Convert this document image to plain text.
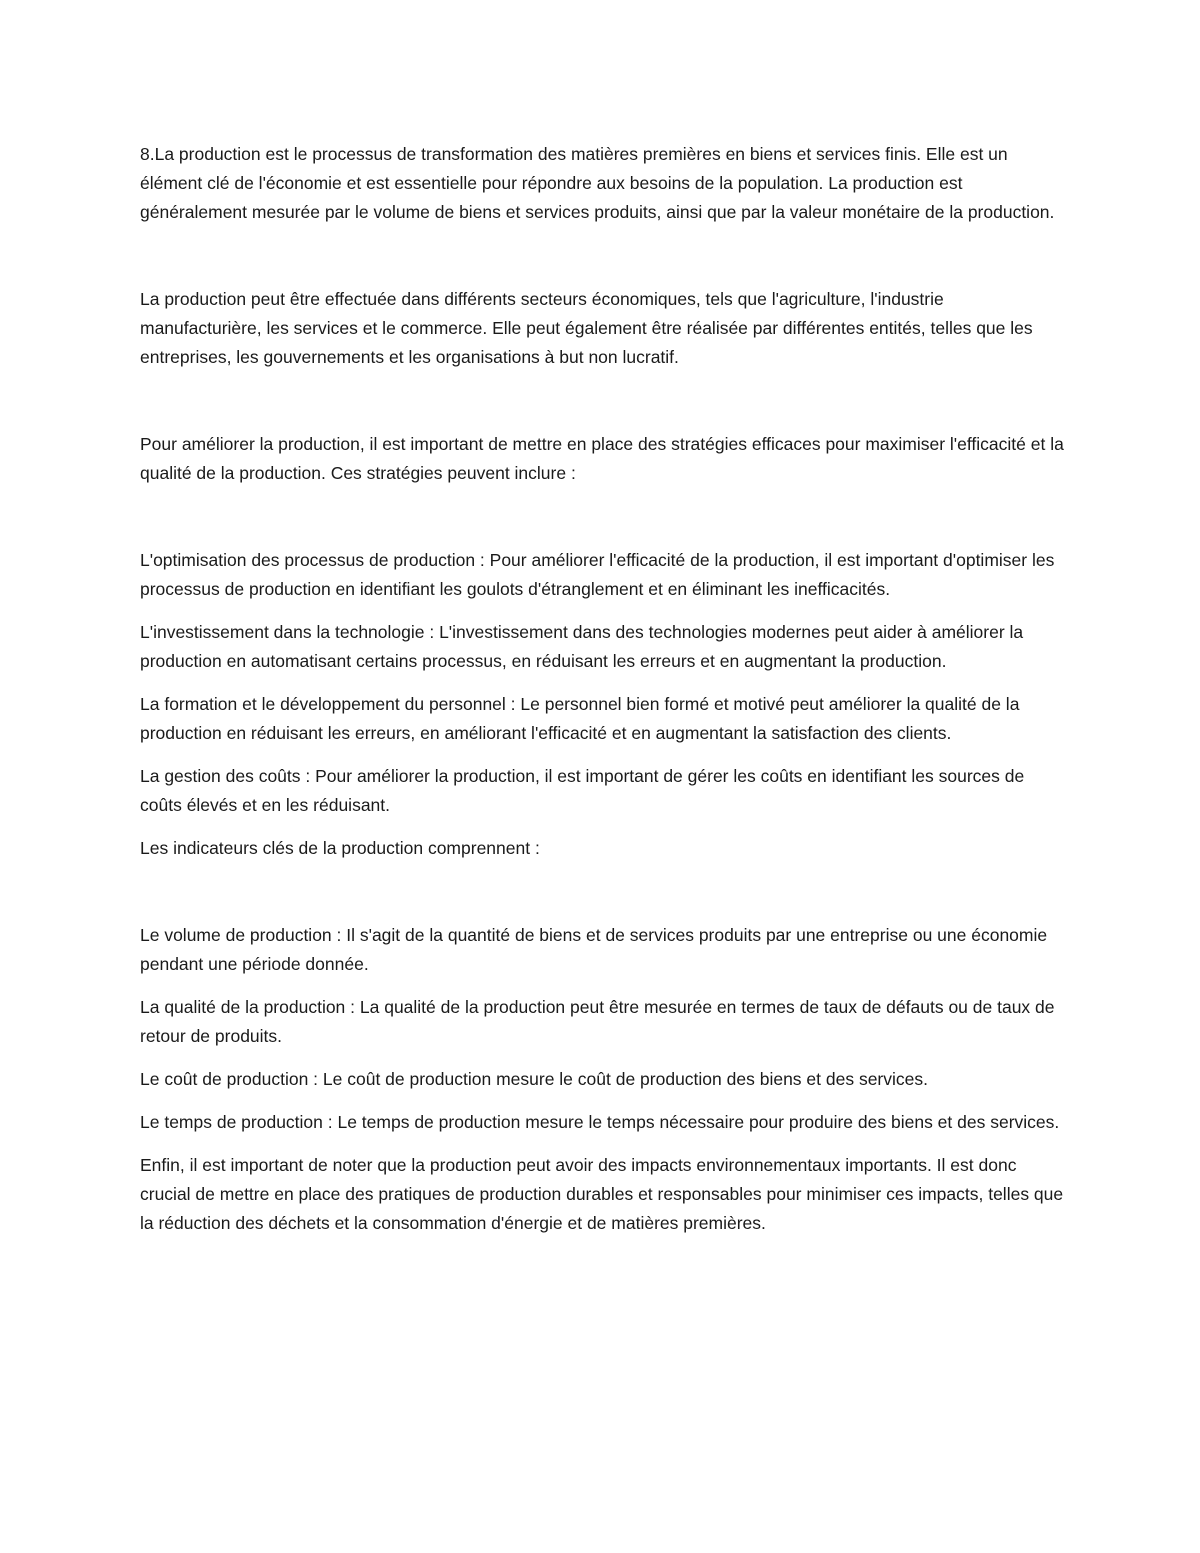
8.La production est le processus de transformation des matières premières en biens et services finis. Elle est un élément clé de l'économie et est essentielle pour répondre aux besoins de la population. La production est généralement mesurée par le volume de biens et services produits, ainsi que par la valeur monétaire de la production.

La production peut être effectuée dans différents secteurs économiques, tels que l'agriculture, l'industrie manufacturière, les services et le commerce. Elle peut également être réalisée par différentes entités, telles que les entreprises, les gouvernements et les organisations à but non lucratif.

Pour améliorer la production, il est important de mettre en place des stratégies efficaces pour maximiser l'efficacité et la qualité de la production. Ces stratégies peuvent inclure :

L'optimisation des processus de production : Pour améliorer l'efficacité de la production, il est important d'optimiser les processus de production en identifiant les goulots d'étranglement et en éliminant les inefficacités.

L'investissement dans la technologie : L'investissement dans des technologies modernes peut aider à améliorer la production en automatisant certains processus, en réduisant les erreurs et en augmentant la production.

La formation et le développement du personnel : Le personnel bien formé et motivé peut améliorer la qualité de la production en réduisant les erreurs, en améliorant l'efficacité et en augmentant la satisfaction des clients.

La gestion des coûts : Pour améliorer la production, il est important de gérer les coûts en identifiant les sources de coûts élevés et en les réduisant.

Les indicateurs clés de la production comprennent :

Le volume de production : Il s'agit de la quantité de biens et de services produits par une entreprise ou une économie pendant une période donnée.

La qualité de la production : La qualité de la production peut être mesurée en termes de taux de défauts ou de taux de retour de produits.

Le coût de production : Le coût de production mesure le coût de production des biens et des services.

Le temps de production : Le temps de production mesure le temps nécessaire pour produire des biens et des services.

Enfin, il est important de noter que la production peut avoir des impacts environnementaux importants. Il est donc crucial de mettre en place des pratiques de production durables et responsables pour minimiser ces impacts, telles que la réduction des déchets et la consommation d'énergie et de matières premières.
